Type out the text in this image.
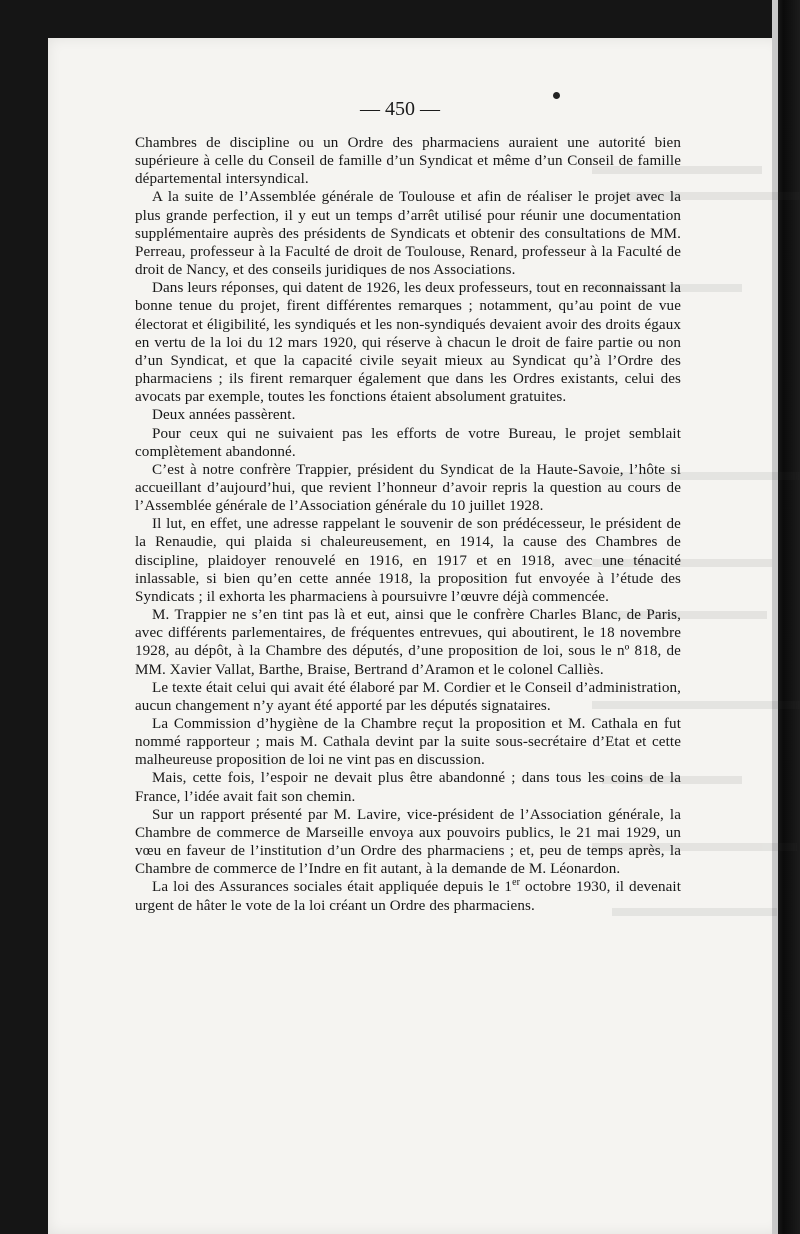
— 450 —

Chambres de discipline ou un Ordre des pharmaciens auraient une autorité bien supérieure à celle du Conseil de famille d’un Syndicat et même d’un Conseil de famille départemental intersyndical.

A la suite de l’Assemblée générale de Toulouse et afin de réaliser le projet avec la plus grande perfection, il y eut un temps d’arrêt utilisé pour réunir une documentation supplémentaire auprès des présidents de Syndicats et obtenir des consultations de MM. Perreau, professeur à la Faculté de droit de Toulouse, Renard, professeur à la Faculté de droit de Nancy, et des conseils juridiques de nos Associations.

Dans leurs réponses, qui datent de 1926, les deux professeurs, tout en reconnaissant la bonne tenue du projet, firent différentes remarques ; notamment, qu’au point de vue électorat et éligibilité, les syndiqués et les non-syndiqués devaient avoir des droits égaux en vertu de la loi du 12 mars 1920, qui réserve à chacun le droit de faire partie ou non d’un Syndicat, et que la capacité civile seyait mieux au Syndicat qu’à l’Ordre des pharmaciens ; ils firent remarquer également que dans les Ordres existants, celui des avocats par exemple, toutes les fonctions étaient absolument gratuites.

Deux années passèrent.

Pour ceux qui ne suivaient pas les efforts de votre Bureau, le projet semblait complètement abandonné.

C’est à notre confrère Trappier, président du Syndicat de la Haute-Savoie, l’hôte si accueillant d’aujourd’hui, que revient l’honneur d’avoir repris la question au cours de l’Assemblée générale de l’Association générale du 10 juillet 1928.

Il lut, en effet, une adresse rappelant le souvenir de son prédécesseur, le président de la Renaudie, qui plaida si chaleureusement, en 1914, la cause des Chambres de discipline, plaidoyer renouvelé en 1916, en 1917 et en 1918, avec une ténacité inlassable, si bien qu’en cette année 1918, la proposition fut envoyée à l’étude des Syndicats ; il exhorta les pharmaciens à poursuivre l’œuvre déjà commencée.

M. Trappier ne s’en tint pas là et eut, ainsi que le confrère Charles Blanc, de Paris, avec différents parlementaires, de fréquentes entrevues, qui aboutirent, le 18 novembre 1928, au dépôt, à la Chambre des députés, d’une proposition de loi, sous le nº 818, de MM. Xavier Vallat, Barthe, Braise, Bertrand d’Aramon et le colonel Calliès.

Le texte était celui qui avait été élaboré par M. Cordier et le Conseil d’administration, aucun changement n’y ayant été apporté par les députés signataires.

La Commission d’hygiène de la Chambre reçut la proposition et M. Cathala en fut nommé rapporteur ; mais M. Cathala devint par la suite sous-secrétaire d’Etat et cette malheureuse proposition de loi ne vint pas en discussion.

Mais, cette fois, l’espoir ne devait plus être abandonné ; dans tous les coins de la France, l’idée avait fait son chemin.

Sur un rapport présenté par M. Lavire, vice-président de l’Association générale, la Chambre de commerce de Marseille envoya aux pouvoirs publics, le 21 mai 1929, un vœu en faveur de l’institution d’un Ordre des pharmaciens ; et, peu de temps après, la Chambre de commerce de l’Indre en fit autant, à la demande de M. Léonardon.

La loi des Assurances sociales était appliquée depuis le 1er octobre 1930, il devenait urgent de hâter le vote de la loi créant un Ordre des pharmaciens.
